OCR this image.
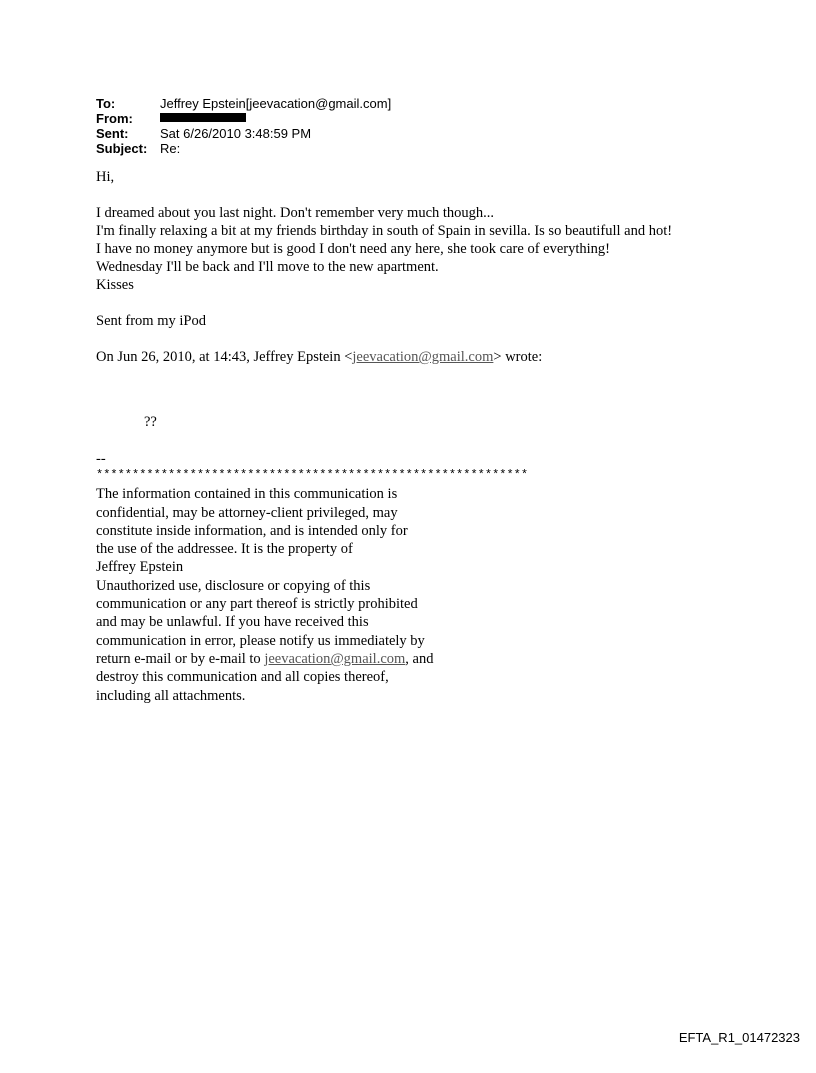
To:	Jeffrey Epstein[jeevacation@gmail.com]
From:
Sent:	Sat 6/26/2010 3:48:59 PM
Subject: Re:
Hi,
I dreamed about you last night. Don't remember very much though...
I'm finally relaxing a bit at my friends birthday in south of Spain in sevilla. Is so beautifull and hot!
I have no money anymore but is good I don't need any here, she took care of everything!
Wednesday I'll be back and I'll move to the new apartment.
Kisses
Sent from my iPod
On Jun 26, 2010, at 14:43, Jeffrey Epstein <jeevacation@gmail.com> wrote:
??
--
************************************************************
The information contained in this communication is
confidential, may be attorney-client privileged, may
constitute inside information, and is intended only for
the use of the addressee. It is the property of
Jeffrey Epstein
Unauthorized use, disclosure or copying of this
communication or any part thereof is strictly prohibited
and may be unlawful. If you have received this
communication in error, please notify us immediately by
return e-mail or by e-mail to jeevacation@gmail.com, and
destroy this communication and all copies thereof,
including all attachments.
EFTA_R1_01472323
